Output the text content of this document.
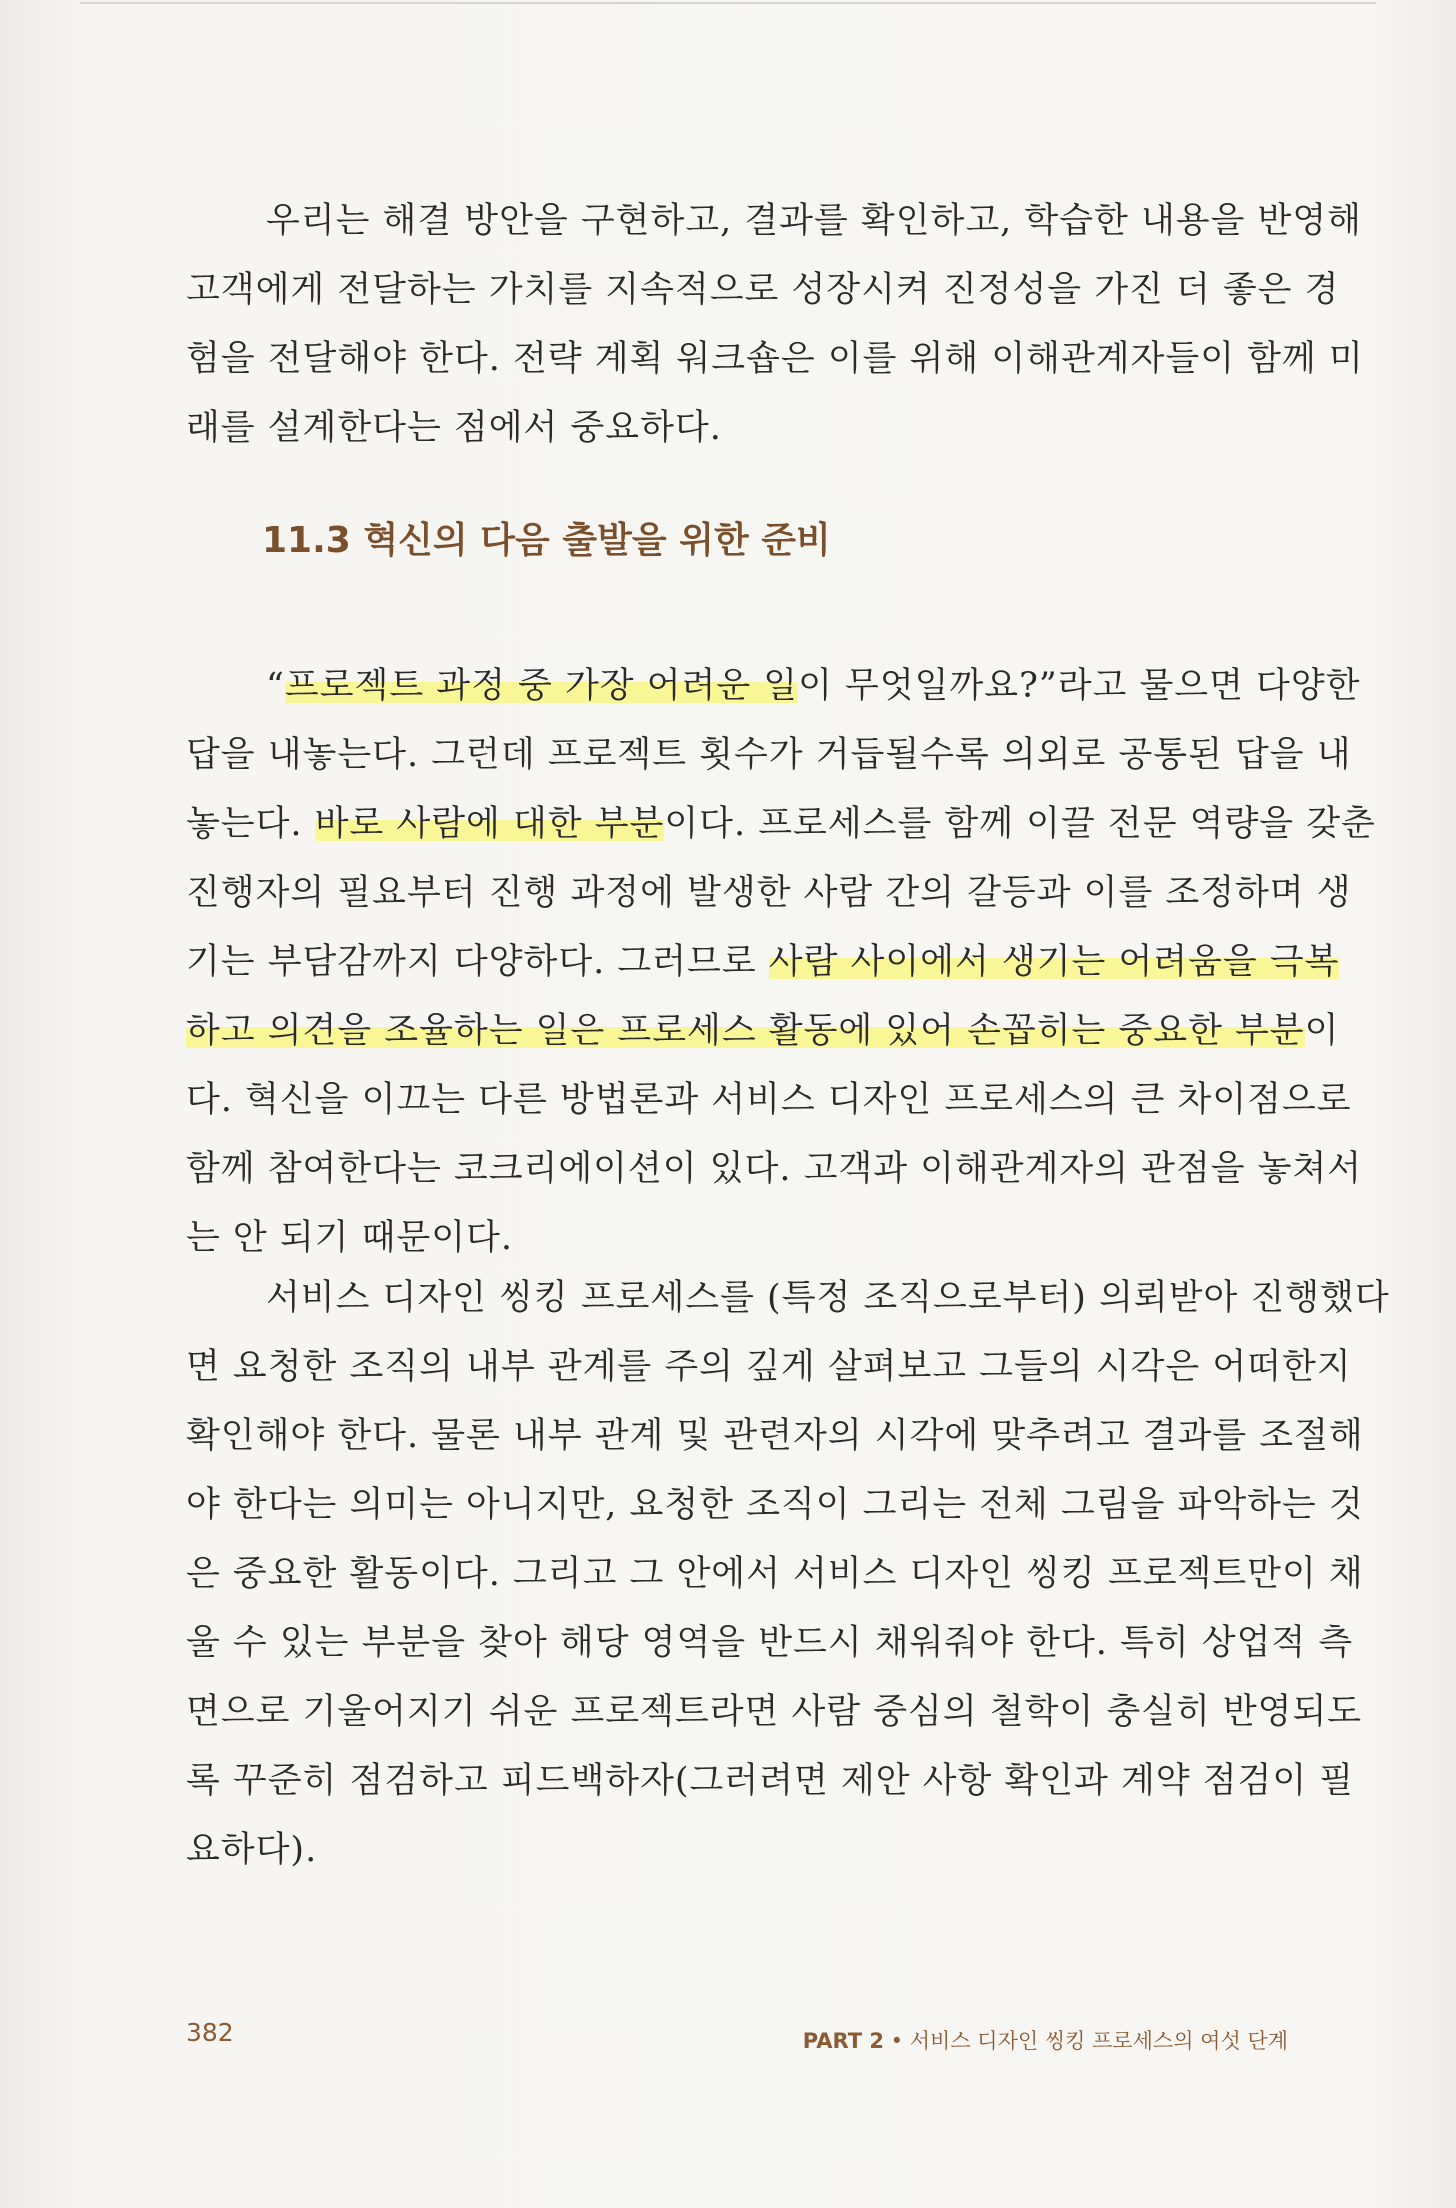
우리는 해결 방안을 구현하고, 결과를 확인하고, 학습한 내용을 반영해
고객에게 전달하는 가치를 지속적으로 성장시켜 진정성을 가진 더 좋은 경
험을 전달해야 한다. 전략 계획 워크숍은 이를 위해 이해관계자들이 함께 미
래를 설계한다는 점에서 중요하다.

11.3 혁신의 다음 출발을 위한 준비

“프로젝트 과정 중 가장 어려운 일이 무엇일까요?”라고 물으면 다양한
답을 내놓는다. 그런데 프로젝트 횟수가 거듭될수록 의외로 공통된 답을 내
놓는다. 바로 사람에 대한 부분이다. 프로세스를 함께 이끌 전문 역량을 갖춘
진행자의 필요부터 진행 과정에 발생한 사람 간의 갈등과 이를 조정하며 생
기는 부담감까지 다양하다. 그러므로 사람 사이에서 생기는 어려움을 극복
하고 의견을 조율하는 일은 프로세스 활동에 있어 손꼽히는 중요한 부분이
다. 혁신을 이끄는 다른 방법론과 서비스 디자인 프로세스의 큰 차이점으로
함께 참여한다는 코크리에이션이 있다. 고객과 이해관계자의 관점을 놓쳐서
는 안 되기 때문이다.

서비스 디자인 씽킹 프로세스를 (특정 조직으로부터) 의뢰받아 진행했다
면 요청한 조직의 내부 관계를 주의 깊게 살펴보고 그들의 시각은 어떠한지
확인해야 한다. 물론 내부 관계 및 관련자의 시각에 맞추려고 결과를 조절해
야 한다는 의미는 아니지만, 요청한 조직이 그리는 전체 그림을 파악하는 것
은 중요한 활동이다. 그리고 그 안에서 서비스 디자인 씽킹 프로젝트만이 채
울 수 있는 부분을 찾아 해당 영역을 반드시 채워줘야 한다. 특히 상업적 측
면으로 기울어지기 쉬운 프로젝트라면 사람 중심의 철학이 충실히 반영되도
록 꾸준히 점검하고 피드백하자(그러려면 제안 사항 확인과 계약 점검이 필
요하다).

382	PART 2 • 서비스 디자인 씽킹 프로세스의 여섯 단계
